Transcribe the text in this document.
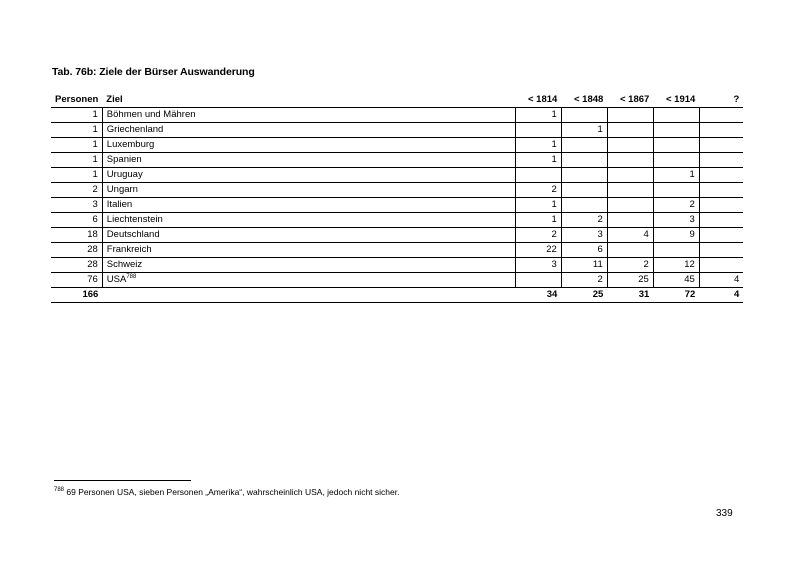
Tab. 76b: Ziele der Bürser Auswanderung
Personen	Ziel	< 1814	< 1848	< 1867	< 1914	?
1	Böhmen und Mähren	1				
1	Griechenland		1			
1	Luxemburg	1				
1	Spanien	1				
1	Uruguay				1	
2	Ungarn	2				
3	Italien	1			2	
6	Liechtenstein	1	2		3	
18	Deutschland	2	3	4	9	
28	Frankreich	22	6			
28	Schweiz	3	11	2	12	
76	USA$^{788}$		2	25	45	4
166		34	25	31	72	4
$^{788}$ 69 Personen USA, sieben Personen „Amerika“, wahrscheinlich USA, jedoch nicht sicher.
339
